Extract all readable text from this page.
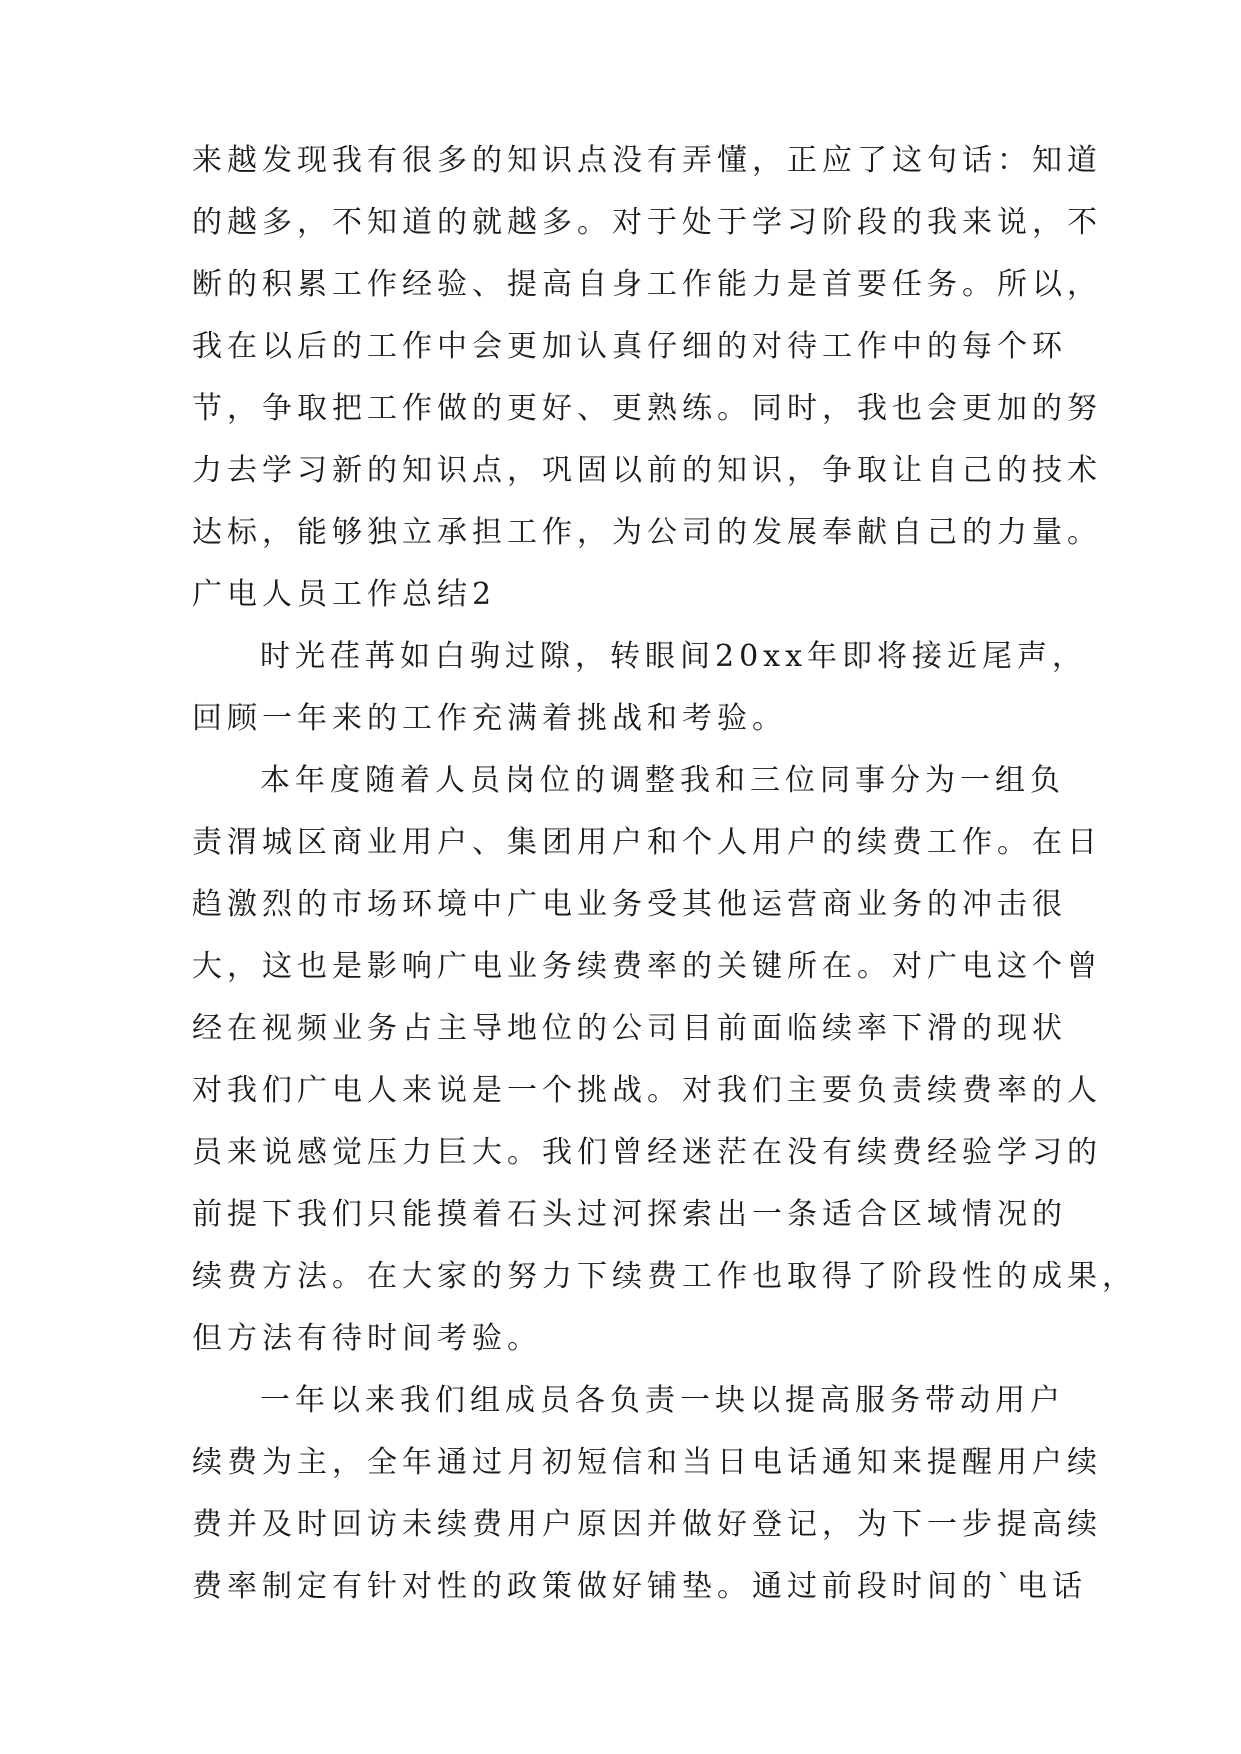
来越发现我有很多的知识点没有弄懂，正应了这句话：知道
的越多，不知道的就越多。对于处于学习阶段的我来说，不
断的积累工作经验、提高自身工作能力是首要任务。所以，
我在以后的工作中会更加认真仔细的对待工作中的每个环
节，争取把工作做的更好、更熟练。同时，我也会更加的努
力去学习新的知识点，巩固以前的知识，争取让自己的技术
达标，能够独立承担工作，为公司的发展奉献自己的力量。
广电人员工作总结2
时光荏苒如白驹过隙，转眼间20xx年即将接近尾声，
回顾一年来的工作充满着挑战和考验。
本年度随着人员岗位的调整我和三位同事分为一组负
责渭城区商业用户、集团用户和个人用户的续费工作。在日
趋激烈的市场环境中广电业务受其他运营商业务的冲击很
大，这也是影响广电业务续费率的关键所在。对广电这个曾
经在视频业务占主导地位的公司目前面临续率下滑的现状
对我们广电人来说是一个挑战。对我们主要负责续费率的人
员来说感觉压力巨大。我们曾经迷茫在没有续费经验学习的
前提下我们只能摸着石头过河探索出一条适合区域情况的
续费方法。在大家的努力下续费工作也取得了阶段性的成果，
但方法有待时间考验。
一年以来我们组成员各负责一块以提高服务带动用户
续费为主，全年通过月初短信和当日电话通知来提醒用户续
费并及时回访未续费用户原因并做好登记，为下一步提高续
费率制定有针对性的政策做好铺垫。通过前段时间的`电话
